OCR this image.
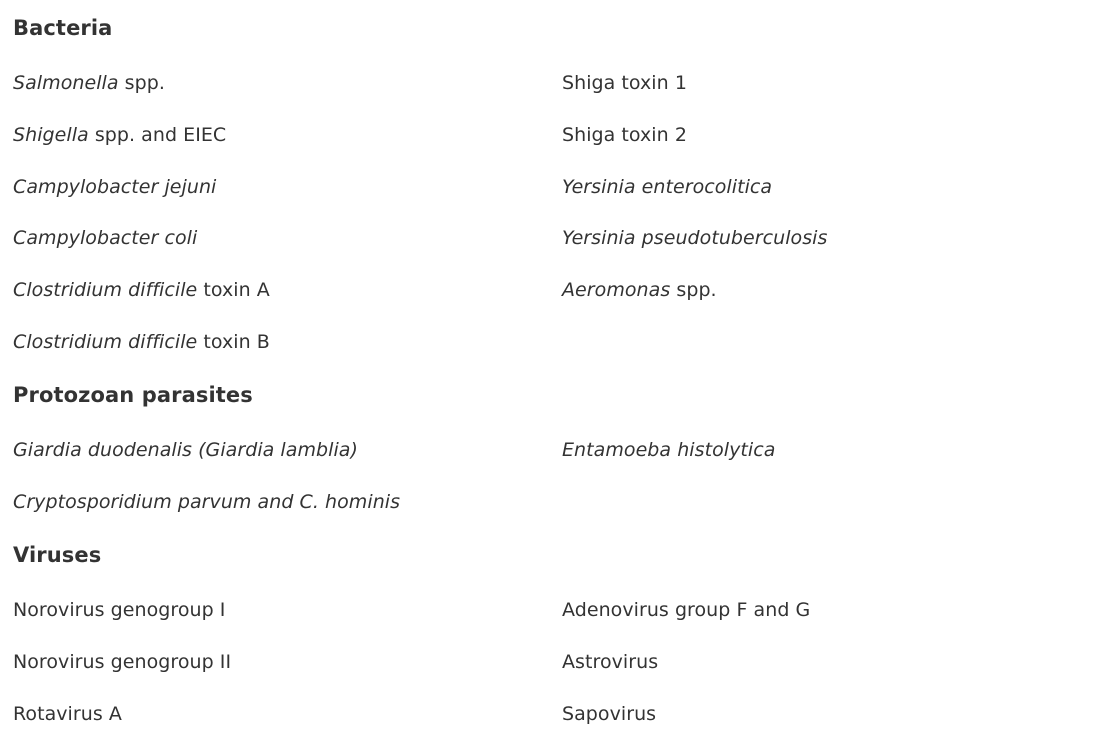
Bacteria
Salmonella spp.	Shiga toxin 1
Shigella spp. and EIEC	Shiga toxin 2
Campylobacter jejuni	Yersinia enterocolitica
Campylobacter coli	Yersinia pseudotuberculosis
Clostridium difficile toxin A	Aeromonas spp.
Clostridium difficile toxin B
Protozoan parasites
Giardia duodenalis (Giardia lamblia)	Entamoeba histolytica
Cryptosporidium parvum and C. hominis
Viruses
Norovirus genogroup I	Adenovirus group F and G
Norovirus genogroup II	Astrovirus
Rotavirus A	Sapovirus
